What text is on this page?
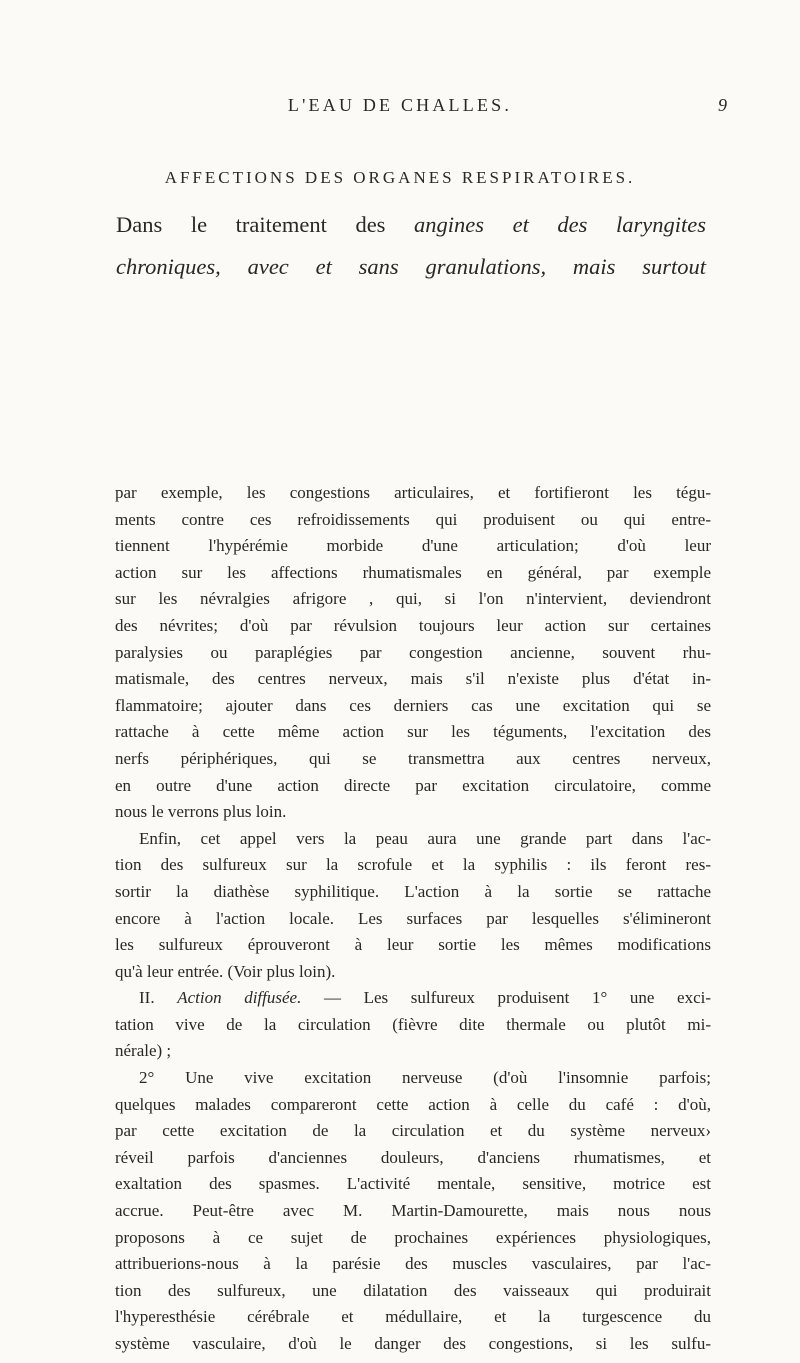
L'EAU DE CHALLES.	9
AFFECTIONS DES ORGANES RESPIRATOIRES.
Dans le traitement des angines et des laryngites
chroniques, avec et sans granulations, mais surtout
par exemple, les congestions articulaires, et fortifieront les tégu-
ments contre ces refroidissements qui produisent ou qui entre-
tiennent l'hypérémie morbide d'une articulation; d'où leur
action sur les affections rhumatismales en général, par exemple
sur les névralgies afrigore , qui, si l'on n'intervient, deviendront
des névrites; d'où par révulsion toujours leur action sur certaines
paralysies ou paraplégies par congestion ancienne, souvent rhu-
matismale, des centres nerveux, mais s'il n'existe plus d'état in-
flammatoire; ajouter dans ces derniers cas une excitation qui se
rattache à cette même action sur les téguments, l'excitation des
nerfs périphériques, qui se transmettra aux centres nerveux,
en outre d'une action directe par excitation circulatoire, comme
nous le verrons plus loin.
Enfin, cet appel vers la peau aura une grande part dans l'ac-
tion des sulfureux sur la scrofule et la syphilis : ils feront res-
sortir la diathèse syphilitique. L'action à la sortie se rattache
encore à l'action locale. Les surfaces par lesquelles s'élimineront
les sulfureux éprouveront à leur sortie les mêmes modifications
qu'à leur entrée. (Voir plus loin).
II. Action diffusée. — Les sulfureux produisent 1° une exci-
tation vive de la circulation (fièvre dite thermale ou plutôt mi-
nérale) ;
2° Une vive excitation nerveuse (d'où l'insomnie parfois;
quelques malades compareront cette action à celle du café : d'où,
par cette excitation de la circulation et du système nerveux›
réveil parfois d'anciennes douleurs, d'anciens rhumatismes, et
exaltation des spasmes. L'activité mentale, sensitive, motrice est
accrue. Peut-être avec M. Martin-Damourette, mais nous nous
proposons à ce sujet de prochaines expériences physiologiques,
attribuerions-nous à la parésie des muscles vasculaires, par l'ac-
tion des sulfureux, une dilatation des vaisseaux qui produirait
l'hyperesthésie cérébrale et médullaire, et la turgescence du
système vasculaire, d'où le danger des congestions, si les sulfu-
